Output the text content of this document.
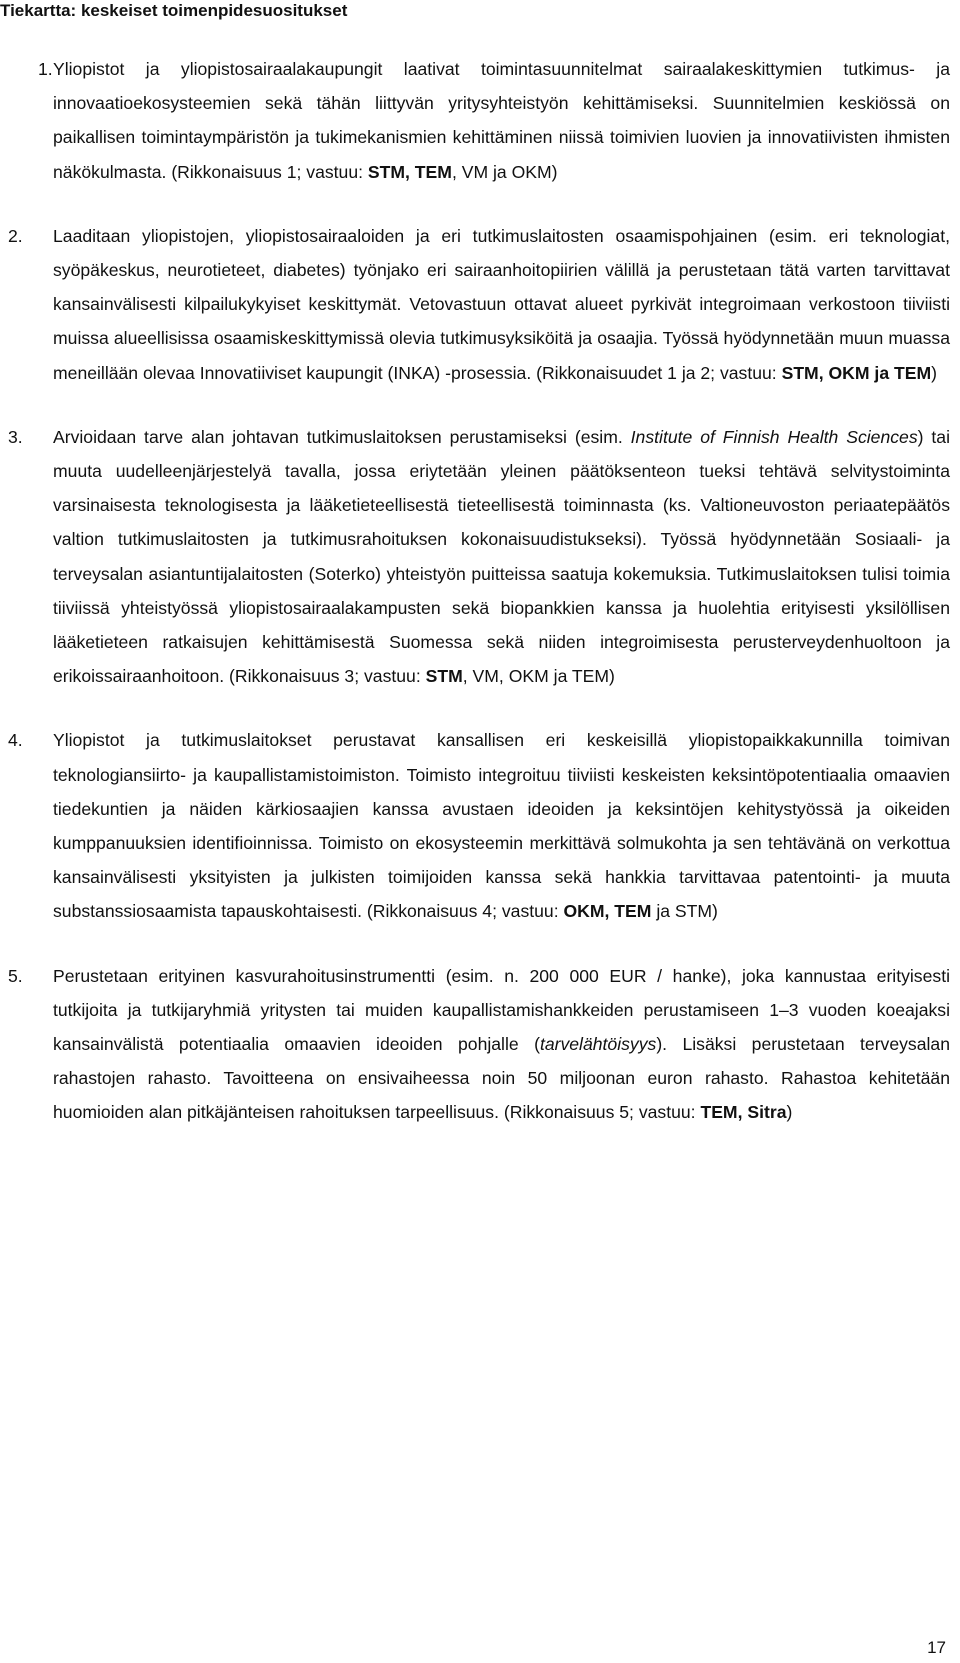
Tiekartta: keskeiset toimenpidesuositukset
1. Yliopistot ja yliopistosairaalakaupungit laativat toimintasuunnitelmat sairaalakeskittymien tutkimus- ja innovaatioekosysteemien sekä tähän liittyvän yritysyhteistyön kehittämiseksi. Suunnitelmien keskiössä on paikallisen toimintaympäristön ja tukimekanismien kehittäminen niissä toimivien luovien ja innovatiivisten ihmisten näkökulmasta. (Rikkonaisuus 1; vastuu: STM, TEM, VM ja OKM)
2.	Laaditaan yliopistojen, yliopistosairaaloiden ja eri tutkimuslaitosten osaamispohjainen (esim. eri teknologiat, syöpäkeskus, neurotieteet, diabetes) työnjako eri sairaanhoitopiirien välillä ja perustetaan tätä varten tarvittavat kansainvälisesti kilpailukykyiset keskittymät. Vetovastuun ottavat alueet pyrkivät integroimaan verkostoon tiiviisti muissa alueellisissa osaamiskeskittymissä olevia tutkimusyksiköitä ja osaajia. Työssä hyödynnetään muun muassa meneillään olevaa Innovatiiviset kaupungit (INKA) -prosessia. (Rikkonaisuudet 1 ja 2; vastuu: STM, OKM ja TEM)
3.	Arvioidaan tarve alan johtavan tutkimuslaitoksen perustamiseksi (esim. Institute of Finnish Health Sciences) tai muuta uudelleenjärjestelyä tavalla, jossa eriytetään yleinen päätöksenteon tueksi tehtävä selvitystoiminta varsinaisesta teknologisesta ja lääketieteellisestä tieteellisestä toiminnasta (ks. Valtioneuvoston periaatepäätös valtion tutkimuslaitosten ja tutkimusrahoituksen kokonaisuudistukseksi). Työssä hyödynnetään Sosiaali- ja terveysalan asiantuntijalaitosten (Soterko) yhteistyön puitteissa saatuja kokemuksia. Tutkimuslaitoksen tulisi toimia tiiviissä yhteistyössä yliopistosairaalakampusten sekä biopankkien kanssa ja huolehtia erityisesti yksilöllisen lääketieteen ratkaisujen kehittämisestä Suomessa sekä niiden integroimisesta perusterveydenhuoltoon ja erikoissairaanhoitoon. (Rikkonaisuus 3; vastuu: STM, VM, OKM ja TEM)
4.	Yliopistot ja tutkimuslaitokset perustavat kansallisen eri keskeisillä yliopistopaikkakunnilla toimivan teknologiansiirto- ja kaupallistamistoimiston. Toimisto integroituu tiiviisti keskeisten keksintöpotentiaalia omaavien tiedekuntien ja näiden kärkiosaajien kanssa avustaen ideoiden ja keksintöjen kehitystyössä ja oikeiden kumppanuuksien identifioinnissa. Toimisto on ekosysteemin merkittävä solmukohta ja sen tehtävänä on verkottua kansainvälisesti yksityisten ja julkisten toimijoiden kanssa sekä hankkia tarvittavaa patentointi- ja muuta substanssiosaamista tapauskohtaisesti. (Rikkonaisuus 4; vastuu: OKM, TEM ja STM)
5.	Perustetaan erityinen kasvurahoitusinstrumentti (esim. n. 200 000 EUR / hanke), joka kannustaa erityisesti tutkijoita ja tutkijaryhmiä yritysten tai muiden kaupallistamishankkeiden perustamiseen 1–3 vuoden koeajaksi kansainvälistä potentiaalia omaavien ideoiden pohjalle (tarvelähtöisyys). Lisäksi perustetaan terveysalan rahastojen rahasto. Tavoitteena on ensivaiheessa noin 50 miljoonan euron rahasto. Rahastoa kehitetään huomioiden alan pitkäjänteisen rahoituksen tarpeellisuus. (Rikkonaisuus 5; vastuu: TEM, Sitra)
17
